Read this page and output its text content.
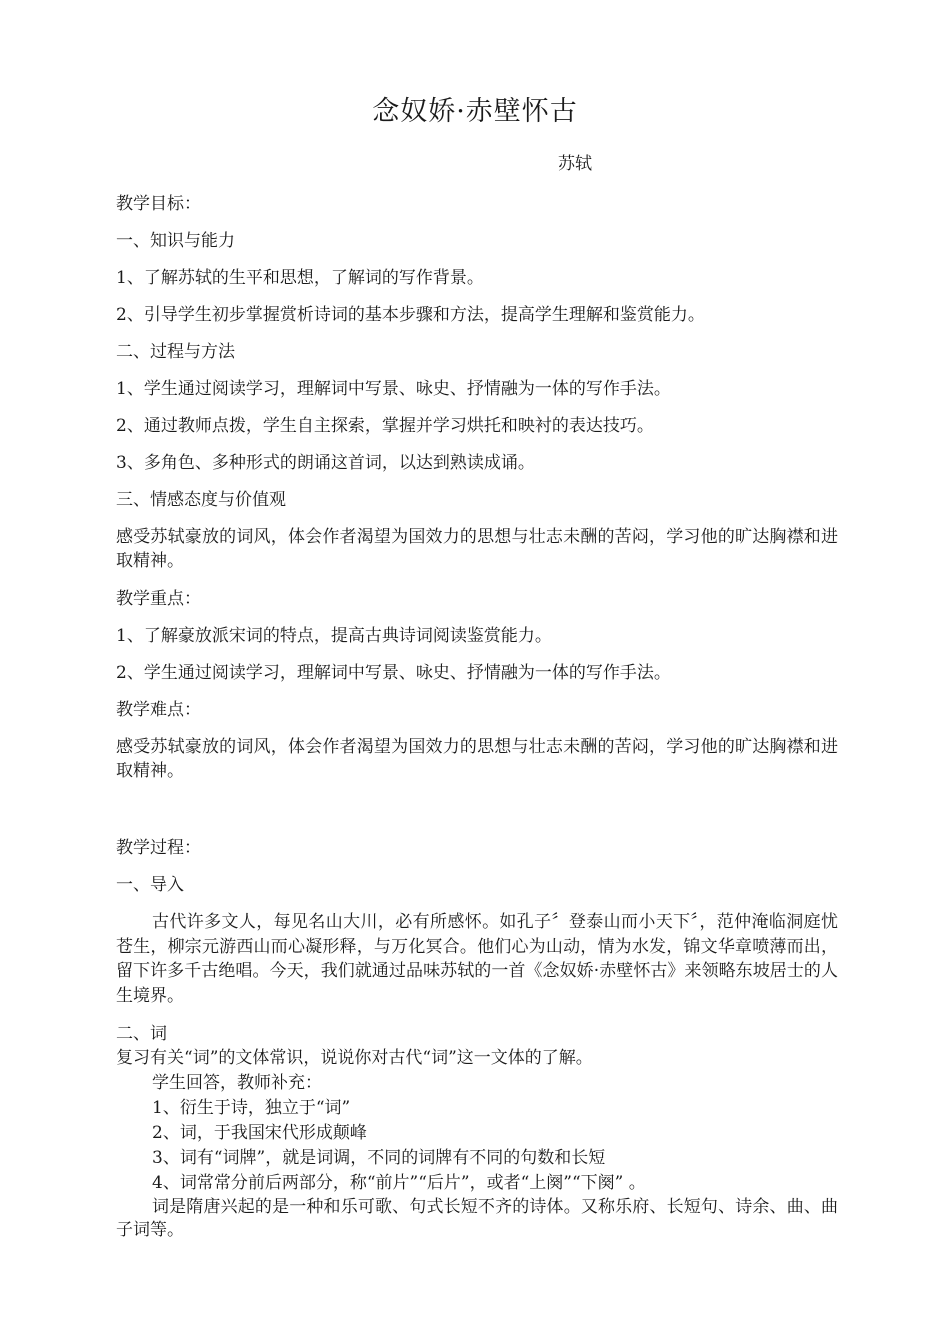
念奴娇·赤壁怀古
苏轼

教学目标：

一、知识与能力

1、了解苏轼的生平和思想，了解词的写作背景。

2、引导学生初步掌握赏析诗词的基本步骤和方法，提高学生理解和鉴赏能力。

二、过程与方法

1、学生通过阅读学习，理解词中写景、咏史、抒情融为一体的写作手法。

2、通过教师点拨，学生自主探索，掌握并学习烘托和映衬的表达技巧。

3、多角色、多种形式的朗诵这首词，以达到熟读成诵。

三、情感态度与价值观

感受苏轼豪放的词风，体会作者渴望为国效力的思想与壮志未酬的苦闷，学习他的旷达胸襟和进取精神。

教学重点：

1、了解豪放派宋词的特点，提高古典诗词阅读鉴赏能力。

2、学生通过阅读学习，理解词中写景、咏史、抒情融为一体的写作手法。

教学难点：

感受苏轼豪放的词风，体会作者渴望为国效力的思想与壮志未酬的苦闷，学习他的旷达胸襟和进取精神。

教学过程：

一、导入

古代许多文人，每见名山大川，必有所感怀。如孔子〞登泰山而小天下〞，范仲淹临洞庭忧苍生，柳宗元游西山而心凝形释，与万化冥合。他们心为山动，情为水发，锦文华章喷薄而出，留下许多千古绝唱。今天，我们就通过品味苏轼的一首《念奴娇·赤壁怀古》来领略东坡居士的人生境界。

二、词

复习有关“词”的文体常识，说说你对古代“词”这一文体的了解。

学生回答，教师补充：

1、衍生于诗，独立于“词”

2、词，于我国宋代形成颠峰

3、词有“词牌”，就是词调，不同的词牌有不同的句数和长短

4、词常常分前后两部分，称“前片”“后片”，或者“上阕”“下阕” 。

词是隋唐兴起的是一种和乐可歌、句式长短不齐的诗体。又称乐府、长短句、诗余、曲、曲子词等。
